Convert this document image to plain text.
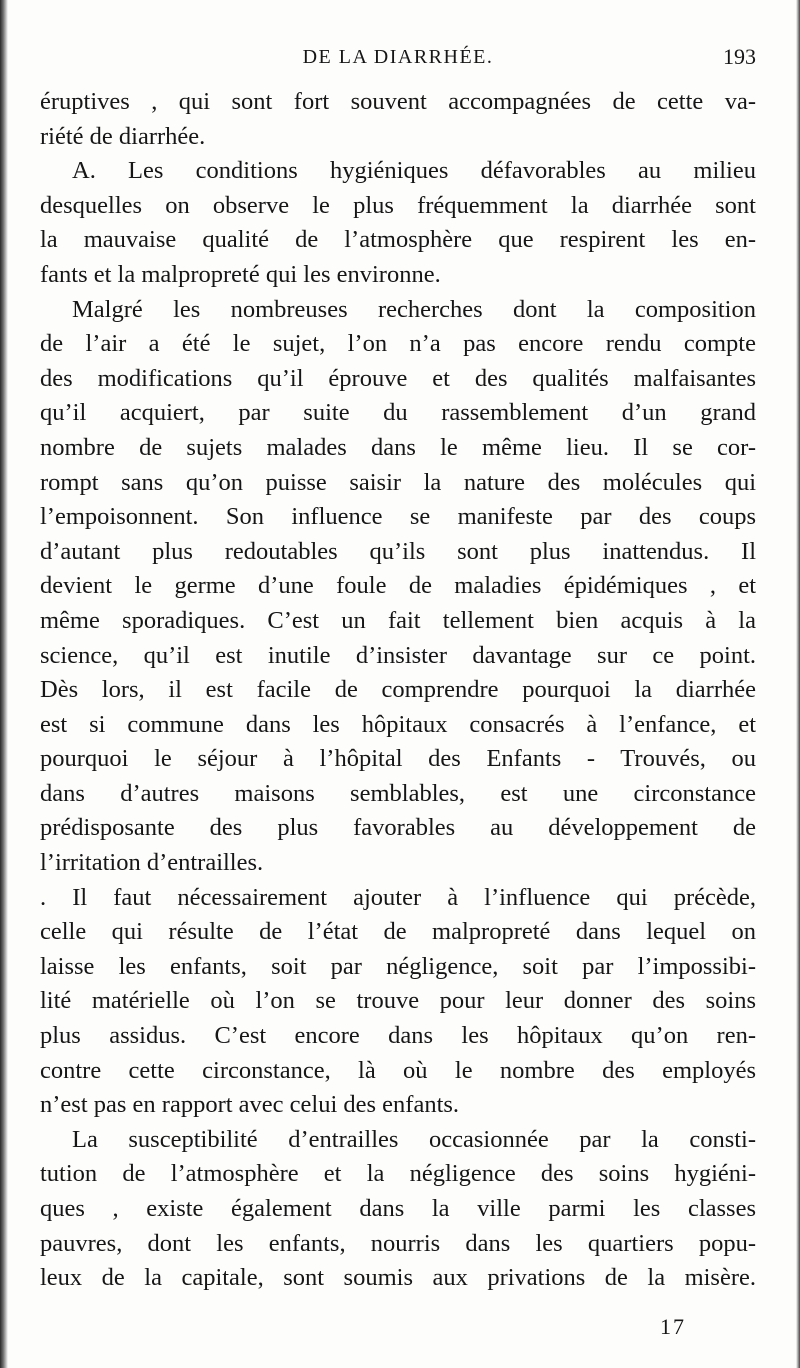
DE LA DIARRHÉE.	193
éruptives , qui sont fort souvent accompagnées de cette va-
riété de diarrhée.
A. Les conditions hygiéniques défavorables au milieu
desquelles on observe le plus fréquemment la diarrhée sont
la mauvaise qualité de l’atmosphère que respirent les en-
fants et la malpropreté qui les environne.
Malgré les nombreuses recherches dont la composition
de l’air a été le sujet, l’on n’a pas encore rendu compte
des modifications qu’il éprouve et des qualités malfaisantes
qu’il acquiert, par suite du rassemblement d’un grand
nombre de sujets malades dans le même lieu. Il se cor-
rompt sans qu’on puisse saisir la nature des molécules qui
l’empoisonnent. Son influence se manifeste par des coups
d’autant plus redoutables qu’ils sont plus inattendus. Il
devient le germe d’une foule de maladies épidémiques , et
même sporadiques. C’est un fait tellement bien acquis à la
science, qu’il est inutile d’insister davantage sur ce point.
Dès lors, il est facile de comprendre pourquoi la diarrhée
est si commune dans les hôpitaux consacrés à l’enfance, et
pourquoi le séjour à l’hôpital des Enfants - Trouvés, ou
dans d’autres maisons semblables, est une circonstance
prédisposante des plus favorables au développement de
l’irritation d’entrailles.
. Il faut nécessairement ajouter à l’influence qui précède,
celle qui résulte de l’état de malpropreté dans lequel on
laisse les enfants, soit par négligence, soit par l’impossibi-
lité matérielle où l’on se trouve pour leur donner des soins
plus assidus. C’est encore dans les hôpitaux qu’on ren-
contre cette circonstance, là où le nombre des employés
n’est pas en rapport avec celui des enfants.
La susceptibilité d’entrailles occasionnée par la consti-
tution de l’atmosphère et la négligence des soins hygiéni-
ques , existe également dans la ville parmi les classes
pauvres, dont les enfants, nourris dans les quartiers popu-
leux de la capitale, sont soumis aux privations de la misère.
17
